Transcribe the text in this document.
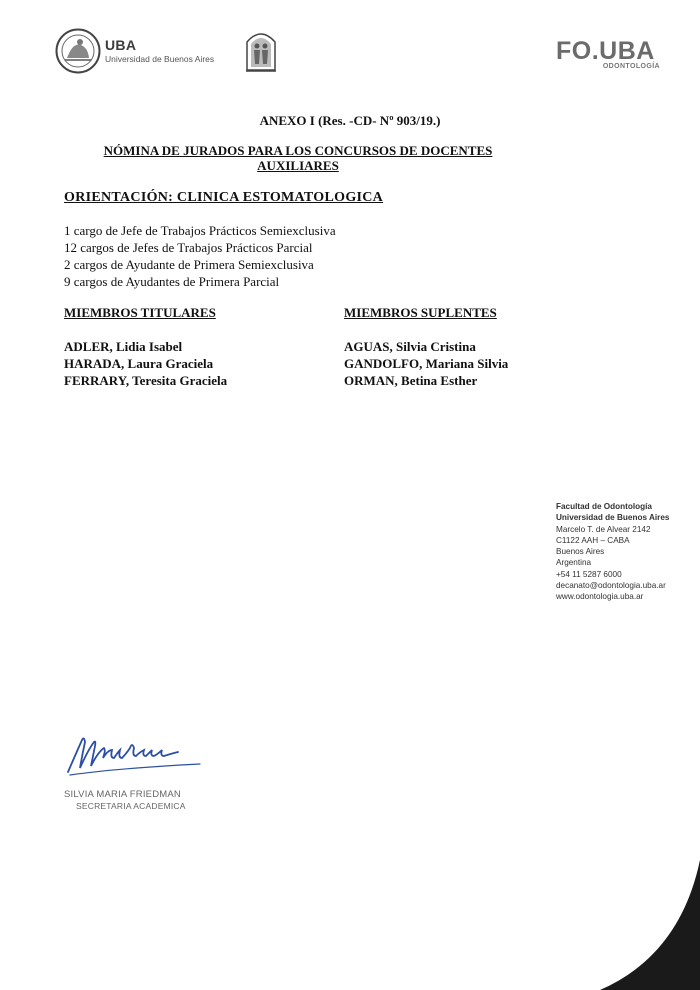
UBA
Universidad de Buenos Aires	FO.UBA
ODONTOLOGÍA
ANEXO I (Res. -CD- Nº 903/19.)
NÓMINA DE JURADOS PARA LOS CONCURSOS DE DOCENTES
AUXILIARES
ORIENTACIÓN: CLINICA ESTOMATOLOGICA
1 cargo de Jefe de Trabajos Prácticos Semiexclusiva
12 cargos de Jefes de Trabajos Prácticos Parcial
2 cargos de Ayudante de Primera Semiexclusiva
9 cargos de Ayudantes de Primera Parcial
MIEMBROS TITULARES
ADLER, Lidia Isabel
HARADA, Laura Graciela
FERRARY, Teresita Graciela
MIEMBROS SUPLENTES
AGUAS, Silvia Cristina
GANDOLFO, Mariana Silvia
ORMAN, Betina Esther
Facultad de Odontología
Universidad de Buenos Aires
Marcelo T. de Alvear 2142
C1122 AAH – CABA
Buenos Aires
Argentina
+54 11 5287 6000
decanato@odontologia.uba.ar
www.odontologia.uba.ar
SILVIA MARIA FRIEDMAN
SECRETARIA ACADEMICA
